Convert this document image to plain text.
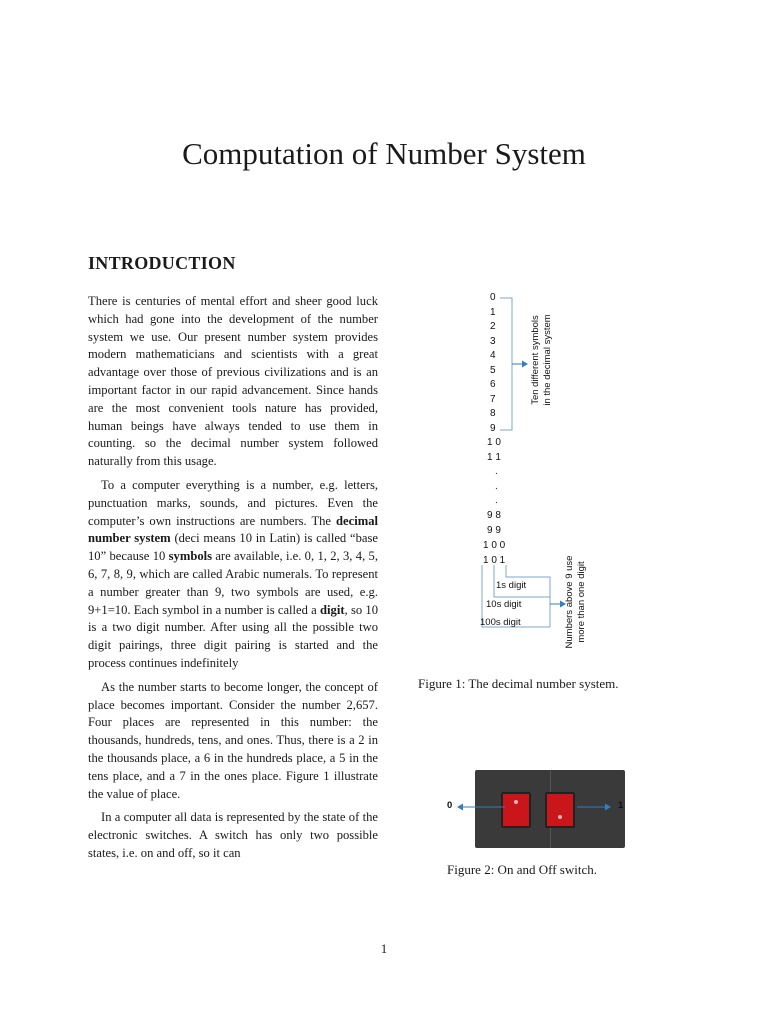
Computation of Number System
INTRODUCTION

There is centuries of mental effort and sheer good luck which had gone into the development of the number system we use. Our present number system provides modern mathematicians and scientists with a great advantage over those of previous civilizations and is an important factor in our rapid advancement. Since hands are the most convenient tools nature has provided, human beings have always tended to use them in counting. so the decimal number system followed naturally from this usage.

To a computer everything is a number, e.g. letters, punctuation marks, sounds, and pictures. Even the computer’s own instructions are numbers. The decimal number system (deci means 10 in Latin) is called “base 10” because 10 symbols are available, i.e. 0, 1, 2, 3, 4, 5, 6, 7, 8, 9, which are called Arabic numerals. To represent a number greater than 9, two symbols are used, e.g. 9+1=10. Each symbol in a number is called a digit, so 10 is a two digit number. After using all the possible two digit pairings, three digit pairing is started and the process continues indefinitely

As the number starts to become longer, the concept of place becomes important. Consider the number 2,657. Four places are represented in this number: the thousands, hundreds, tens, and ones. Thus, there is a 2 in the thousands place, a 6 in the hundreds place, a 5 in the tens place, and a 7 in the ones place. Figure 1 illustrate the value of place.

In a computer all data is represented by the state of the electronic switches. A switch has only two possible states, i.e. on and off, so it can

0
1
2
3
4
5
6
7
8
9
1 0
1 1
.
.
.
9 8
9 9
1 0 0
1 0 1
Ten different symbols in the decimal system
1s digit
10s digit
100s digit	Numbers above 9 use more than one digit
Figure 1: The decimal number system.
0	1
Figure 2: On and Off switch.
1
